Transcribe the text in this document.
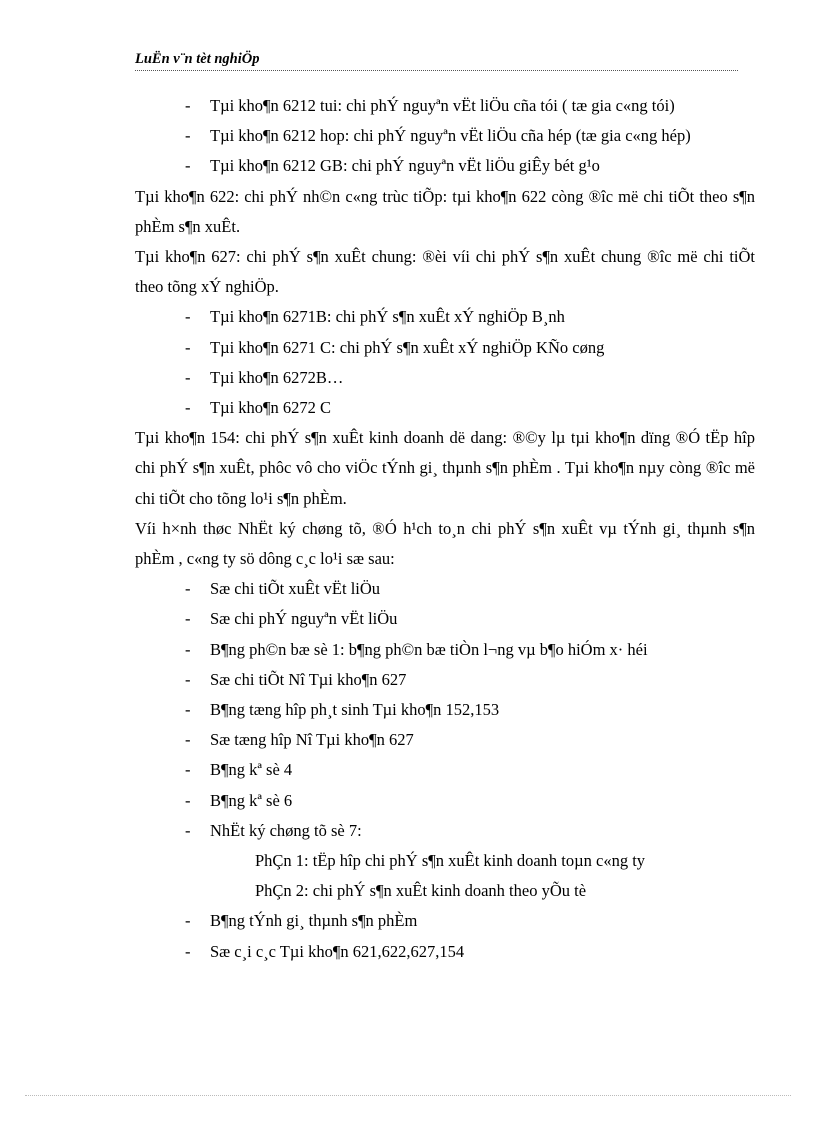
LuËn v¨n tèt nghiÖp

- Tµi kho¶n 6212 tui: chi phÝ nguyªn vËt liÖu cña tói ( tæ gia c«ng tói)

- Tµi kho¶n 6212 hop: chi phÝ nguyªn vËt liÖu cña hép (tæ gia c«ng hép)

- Tµi kho¶n 6212 GB: chi phÝ nguyªn vËt liÖu giÊy bét g¹o

Tµi kho¶n 622: chi phÝ nh©n c«ng trùc tiÕp: tµi kho¶n 622 còng ®îc më chi tiÕt theo s¶n phÈm s¶n xuÊt.

Tµi kho¶n 627: chi phÝ s¶n xuÊt chung: ®èi víi chi phÝ s¶n xuÊt chung ®îc më chi tiÕt theo tõng xÝ nghiÖp.

- Tµi kho¶n 6271B: chi phÝ s¶n xuÊt xÝ nghiÖp B¸nh

- Tµi kho¶n 6271 C: chi phÝ s¶n xuÊt xÝ nghiÖp KÑo cøng

- Tµi kho¶n 6272B…

- Tµi kho¶n 6272 C

Tµi kho¶n 154: chi phÝ s¶n xuÊt kinh doanh dë dang: ®©y lµ tµi kho¶n dïng ®Ó tËp hîp chi phÝ s¶n xuÊt, phôc vô cho viÖc tÝnh gi¸ thµnh s¶n phÈm . Tµi kho¶n nµy còng ®îc më chi tiÕt cho tõng lo¹i s¶n phÈm.

Víi h×nh thøc NhËt ký chøng tõ, ®Ó h¹ch to¸n chi phÝ s¶n xuÊt vµ tÝnh gi¸ thµnh s¶n phÈm , c«ng ty sö dông c¸c lo¹i sæ sau:

- Sæ chi tiÕt xuÊt vËt liÖu

- Sæ chi phÝ nguyªn vËt liÖu

- B¶ng ph©n bæ sè 1: b¶ng ph©n bæ tiÒn l¬ng vµ b¶o hiÓm x· héi

- Sæ chi tiÕt Nî Tµi kho¶n 627

- B¶ng tæng hîp ph¸t sinh Tµi kho¶n 152,153

- Sæ tæng hîp Nî Tµi kho¶n 627

- B¶ng kª sè 4

- B¶ng kª sè 6

- NhËt ký chøng tõ sè 7:

PhÇn 1: tËp hîp chi phÝ s¶n xuÊt kinh doanh toµn c«ng ty

PhÇn 2: chi phÝ s¶n xuÊt kinh doanh theo yÕu tè

- B¶ng tÝnh gi¸ thµnh s¶n phÈm

- Sæ c¸i c¸c Tµi kho¶n 621,622,627,154
